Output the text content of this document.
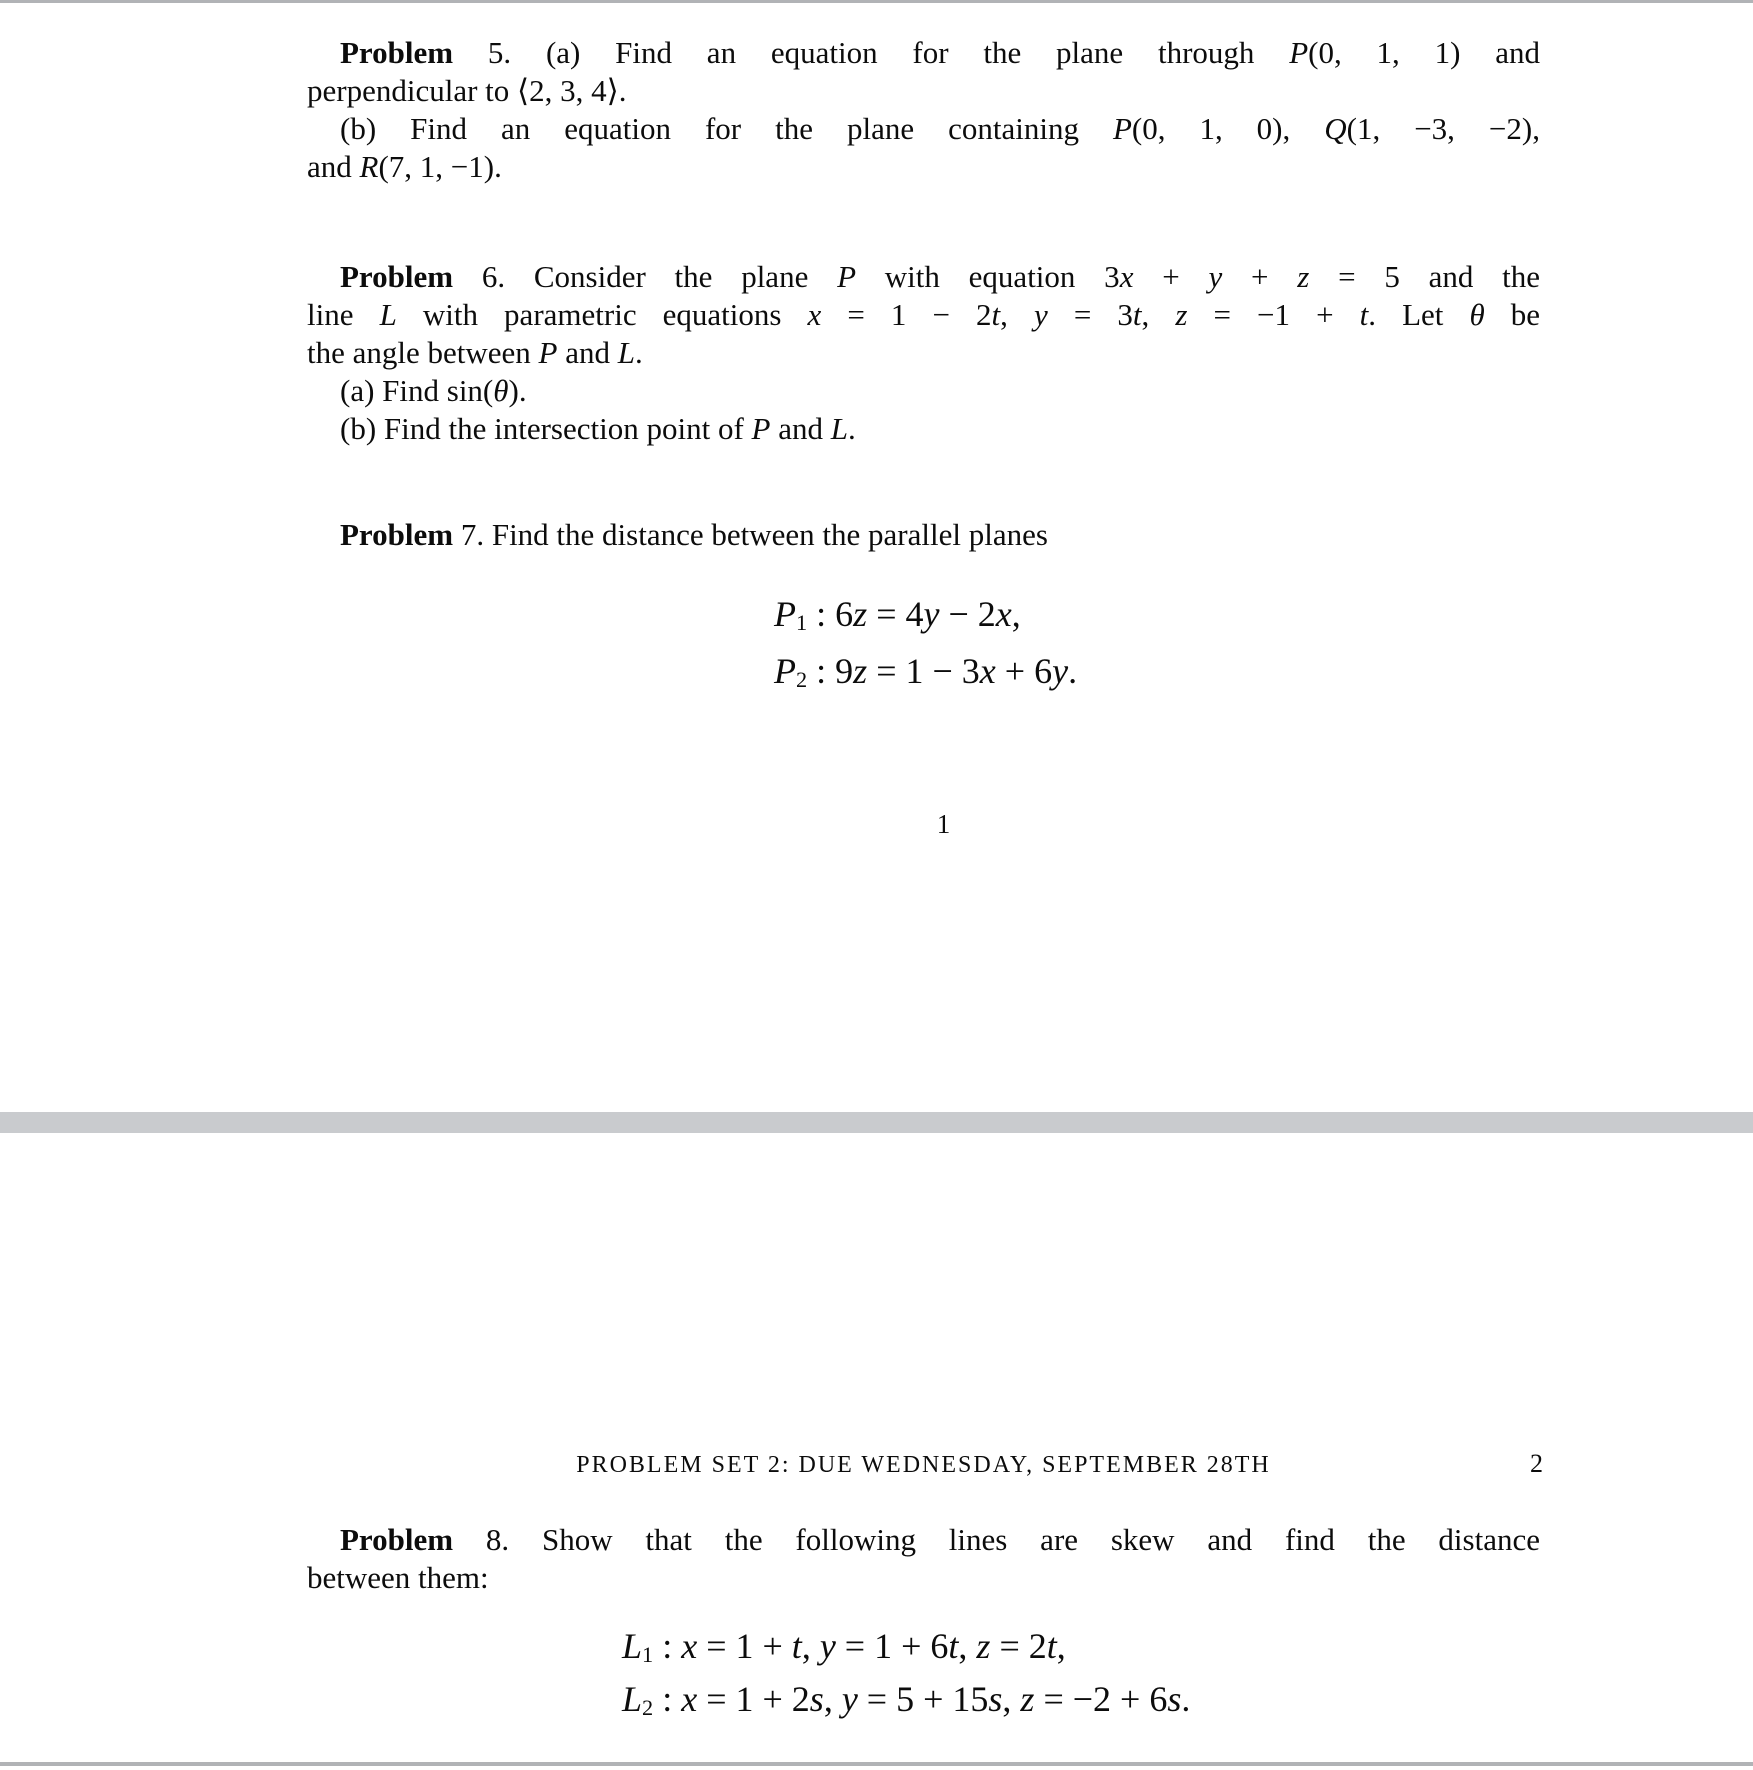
Problem 5. (a) Find an equation for the plane through P(0, 1, 1) and
perpendicular to ⟨2, 3, 4⟩.
(b) Find an equation for the plane containing P(0, 1, 0), Q(1, −3, −2),
and R(7, 1, −1).
Problem 6. Consider the plane P with equation 3x + y + z = 5 and the
line L with parametric equations x = 1 − 2t, y = 3t, z = −1 + t. Let θ be
the angle between P and L.
(a) Find sin(θ).
(b) Find the intersection point of P and L.
Problem 7. Find the distance between the parallel planes
P1 : 6z = 4y − 2x,
P2 : 9z = 1 − 3x + 6y.
1
PROBLEM SET 2: DUE WEDNESDAY, SEPTEMBER 28TH	2
Problem 8. Show that the following lines are skew and find the distance
between them:
L1 : x = 1 + t, y = 1 + 6t, z = 2t,
L2 : x = 1 + 2s, y = 5 + 15s, z = −2 + 6s.
